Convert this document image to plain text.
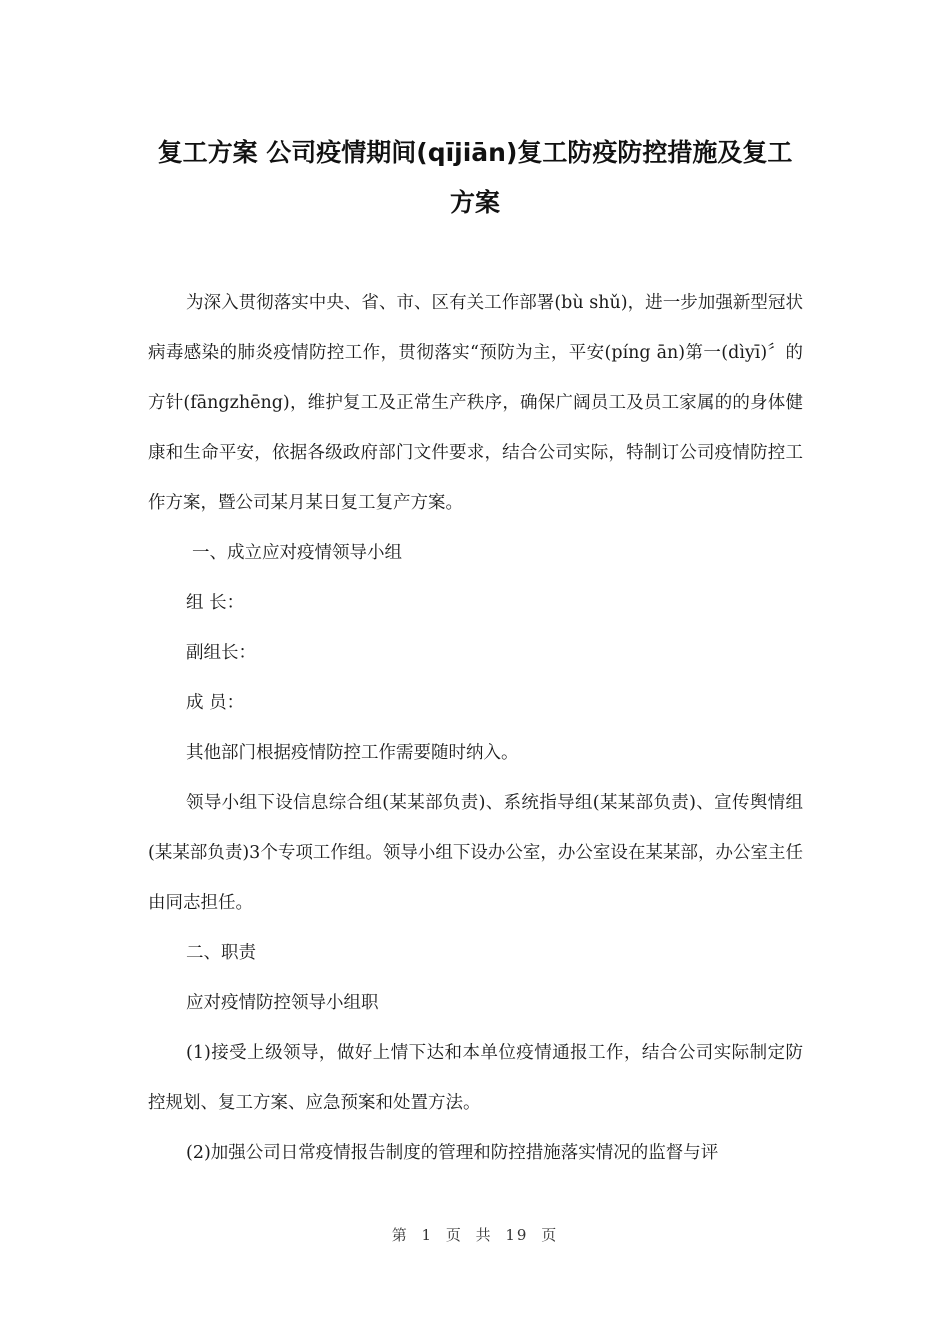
复工方案 公司疫情期间(qījiān)复工防疫防控措施及复工
方案

为深入贯彻落实中央、省、市、区有关工作部署(bù shǔ)，进一步加强新型冠状病毒感染的肺炎疫情防控工作，贯彻落实“预防为主，平安(píng ān)第一(dìyī)〞的方针(fāngzhēng)，维护复工及正常生产秩序，确保广阔员工及员工家属的的身体健康和生命平安，依据各级政府部门文件要求，结合公司实际，特制订公司疫情防控工作方案，暨公司某月某日复工复产方案。

一、成立应对疫情领导小组

组 长：

副组长：

成 员：

其他部门根据疫情防控工作需要随时纳入。

领导小组下设信息综合组(某某部负责)、系统指导组(某某部负责)、宣传舆情组(某某部负责)3个专项工作组。领导小组下设办公室，办公室设在某某部，办公室主任由同志担任。

二、职责

应对疫情防控领导小组职

(1)接受上级领导，做好上情下达和本单位疫情通报工作，结合公司实际制定防控规划、复工方案、应急预案和处置方法。

(2)加强公司日常疫情报告制度的管理和防控措施落实情况的监督与评

第 1 页 共 19 页
